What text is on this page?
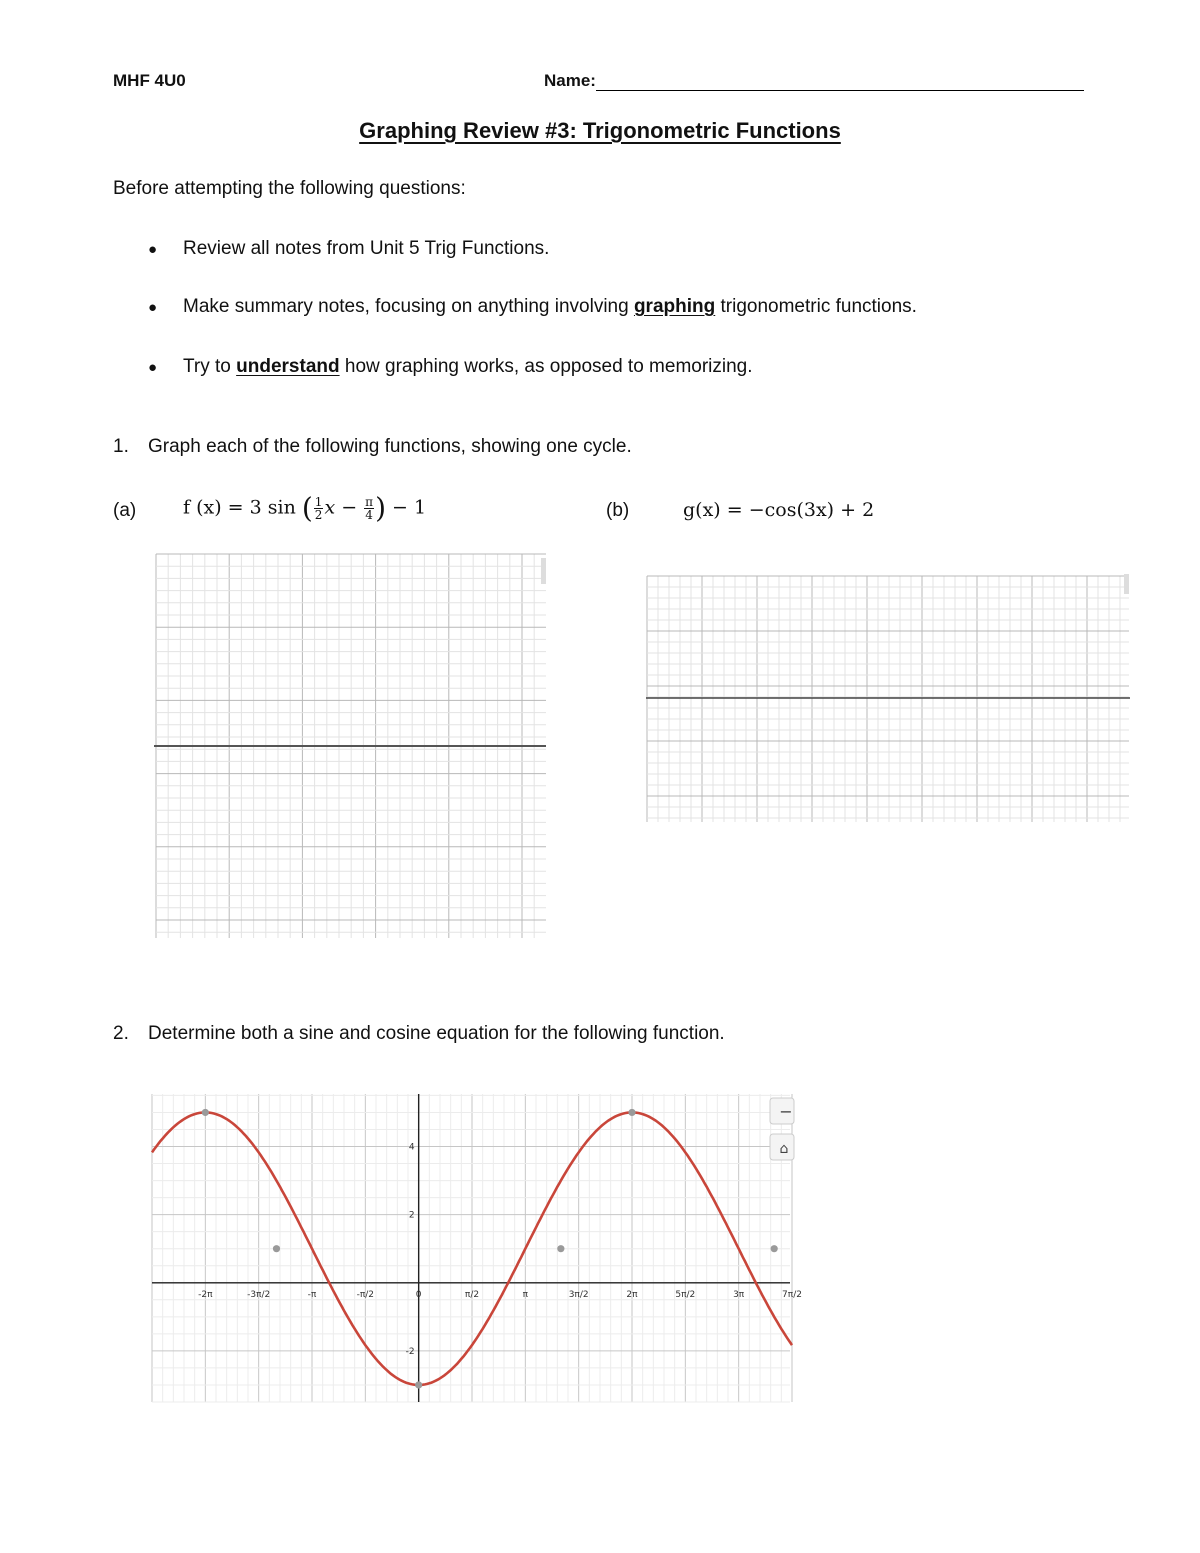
MHF 4U0	Name:
Graphing Review #3: Trigonometric Functions
Before attempting the following questions:
● Review all notes from Unit 5 Trig Functions.
● Make summary notes, focusing on anything involving graphing trigonometric functions.
● Try to understand how graphing works, as opposed to memorizing.
1. Graph each of the following functions, showing one cycle.
(a) f (x) = 3 sin ( $\frac{1}{2}$ $x - \frac{\pi}{4}$ ) − 1	(b)	g(x) = −cos(3x) + 2
2. Determine both a sine and cosine equation for the following function.
-2π	-3π/2	-π	-π/2	0	π/2	π	3π/2	2π	5π/2	3π	7π/2
4
2
-2
−
⌂
